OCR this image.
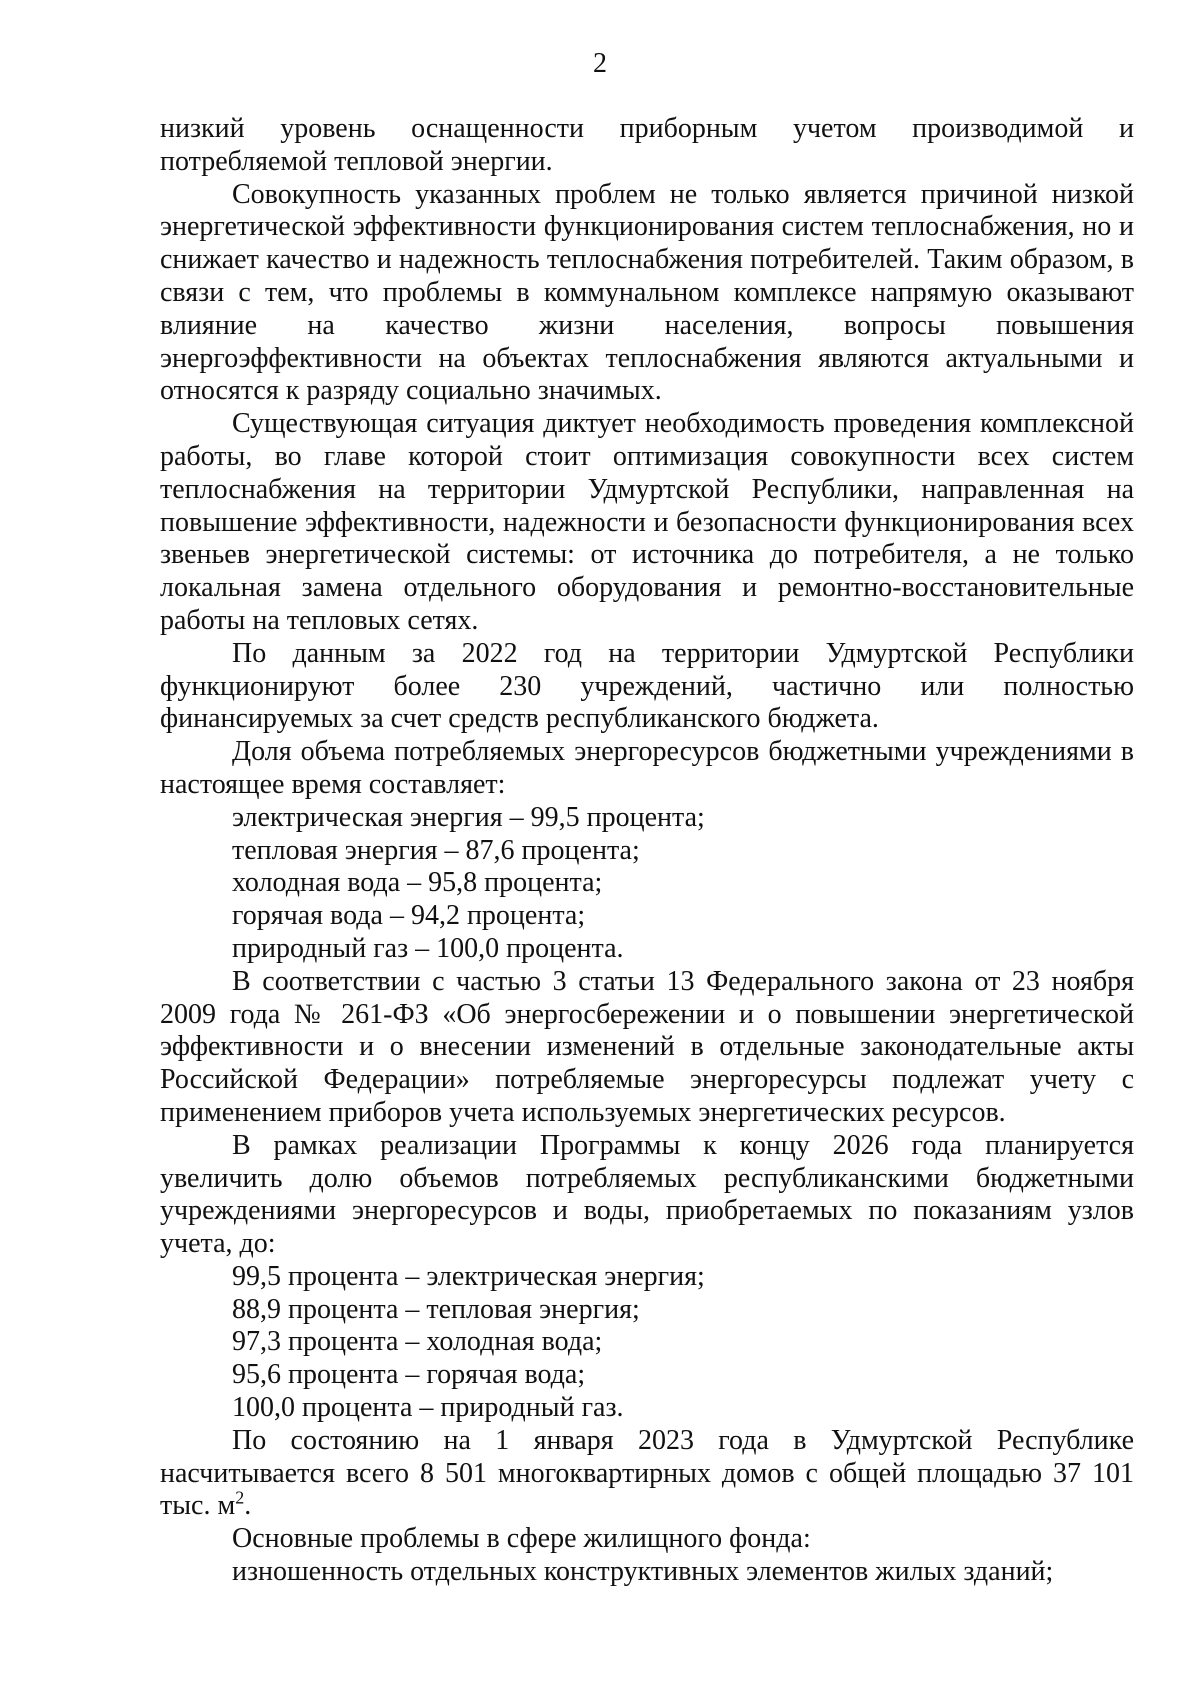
2

низкий уровень оснащенности приборным учетом производимой и потребляемой тепловой энергии.

Совокупность указанных проблем не только является причиной низкой энергетической эффективности функционирования систем теплоснабжения, но и снижает качество и надежность теплоснабжения потребителей. Таким образом, в связи с тем, что проблемы в коммунальном комплексе напрямую оказывают влияние на качество жизни населения, вопросы повышения энергоэффективности на объектах теплоснабжения являются актуальными и относятся к разряду социально значимых.

Существующая ситуация диктует необходимость проведения комплексной работы, во главе которой стоит оптимизация совокупности всех систем теплоснабжения на территории Удмуртской Республики, направленная на повышение эффективности, надежности и безопасности функционирования всех звеньев энергетической системы: от источника до потребителя, а не только локальная замена отдельного оборудования и ремонтно-восстановительные работы на тепловых сетях.

По данным за 2022 год на территории Удмуртской Республики функционируют более 230 учреждений, частично или полностью финансируемых за счет средств республиканского бюджета.

Доля объема потребляемых энергоресурсов бюджетными учреждениями в настоящее время составляет:

электрическая энергия – 99,5 процента;

тепловая энергия – 87,6 процента;

холодная вода – 95,8 процента;

горячая вода – 94,2 процента;

природный газ – 100,0 процента.

В соответствии с частью 3 статьи 13 Федерального закона от 23 ноября 2009 года № 261-ФЗ «Об энергосбережении и о повышении энергетической эффективности и о внесении изменений в отдельные законодательные акты Российской Федерации» потребляемые энергоресурсы подлежат учету с применением приборов учета используемых энергетических ресурсов.

В рамках реализации Программы к концу 2026 года планируется увеличить долю объемов потребляемых республиканскими бюджетными учреждениями энергоресурсов и воды, приобретаемых по показаниям узлов учета, до:

99,5 процента – электрическая энергия;

88,9 процента – тепловая энергия;

97,3 процента – холодная вода;

95,6 процента – горячая вода;

100,0 процента – природный газ.

По состоянию на 1 января 2023 года в Удмуртской Республике насчитывается всего 8 501 многоквартирных домов с общей площадью 37 101 тыс. $м^2$.

Основные проблемы в сфере жилищного фонда:

изношенность отдельных конструктивных элементов жилых зданий;
